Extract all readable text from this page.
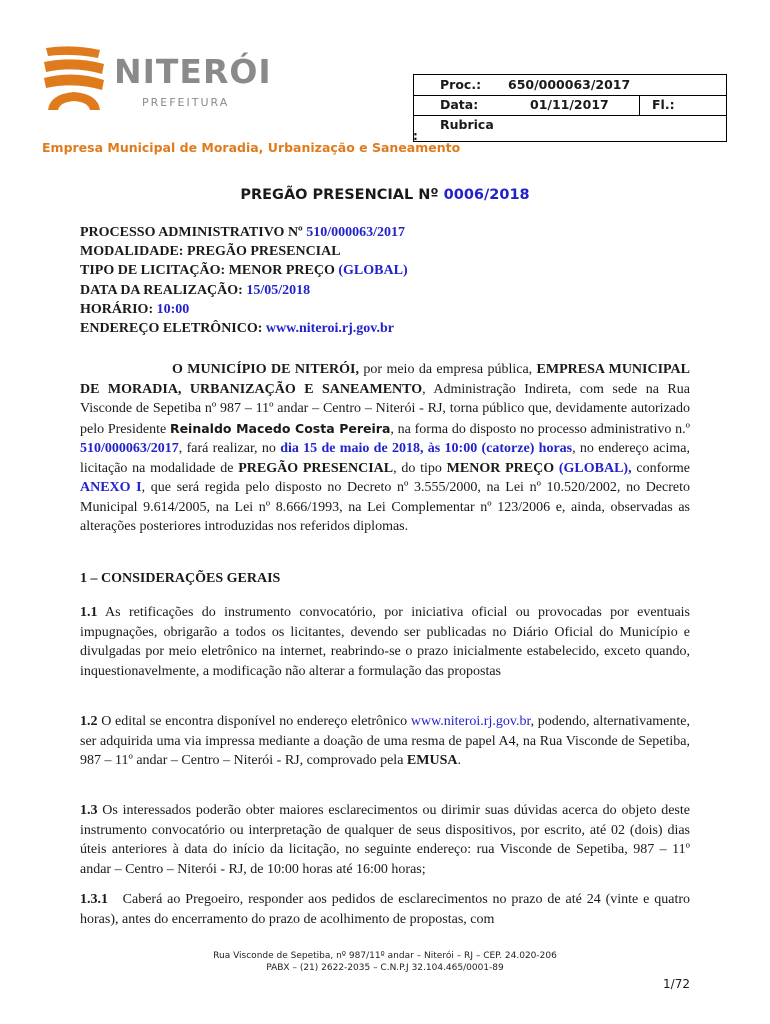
NITERÓI
PREFEITURA
Proc.: 650/000063/2017
Data:	01/11/2017	Fl.:
Rubrica
:
Empresa Municipal de Moradia, Urbanização e Saneamento
PREGÃO PRESENCIAL Nº 0006/2018
PROCESSO ADMINISTRATIVO Nº 510/000063/2017
MODALIDADE: PREGÃO PRESENCIAL
TIPO DE LICITAÇÃO: MENOR PREÇO (GLOBAL)
DATA DA REALIZAÇÃO: 15/05/2018
HORÁRIO: 10:00
ENDEREÇO ELETRÔNICO: www.niteroi.rj.gov.br
O MUNICÍPIO DE NITERÓI, por meio da empresa pública, EMPRESA MUNICIPAL DE MORADIA, URBANIZAÇÃO E SANEAMENTO, Administração Indireta, com sede na Rua Visconde de Sepetiba nº 987 – 11º andar – Centro – Niterói - RJ, torna público que, devidamente autorizado pelo Presidente Reinaldo Macedo Costa Pereira, na forma do disposto no processo administrativo n.º 510/000063/2017, fará realizar, no dia 15 de maio de 2018, às 10:00 (catorze) horas, no endereço acima, licitação na modalidade de PREGÃO PRESENCIAL, do tipo MENOR PREÇO (GLOBAL), conforme ANEXO I, que será regida pelo disposto no Decreto nº 3.555/2000, na Lei nº 10.520/2002, no Decreto Municipal 9.614/2005, na Lei nº 8.666/1993, na Lei Complementar nº 123/2006 e, ainda, observadas as alterações posteriores introduzidas nos referidos diplomas.
1 – CONSIDERAÇÕES GERAIS
1.1 As retificações do instrumento convocatório, por iniciativa oficial ou provocadas por eventuais impugnações, obrigarão a todos os licitantes, devendo ser publicadas no Diário Oficial do Município e divulgadas por meio eletrônico na internet, reabrindo-se o prazo inicialmente estabelecido, exceto quando, inquestionavelmente, a modificação não alterar a formulação das propostas
1.2 O edital se encontra disponível no endereço eletrônico www.niteroi.rj.gov.br, podendo, alternativamente, ser adquirida uma via impressa mediante a doação de uma resma de papel A4, na Rua Visconde de Sepetiba, 987 – 11º andar – Centro – Niterói - RJ, comprovado pela EMUSA.
1.3 Os interessados poderão obter maiores esclarecimentos ou dirimir suas dúvidas acerca do objeto deste instrumento convocatório ou interpretação de qualquer de seus dispositivos, por escrito, até 02 (dois) dias úteis anteriores à data do início da licitação, no seguinte endereço: rua Visconde de Sepetiba, 987 – 11º andar – Centro – Niterói - RJ, de 10:00 horas até 16:00 horas;
1.3.1   Caberá ao Pregoeiro, responder aos pedidos de esclarecimentos no prazo de até 24 (vinte e quatro horas), antes do encerramento do prazo de acolhimento de propostas, com
Rua Visconde de Sepetiba, nº 987/11º andar – Niterói – RJ – CEP. 24.020-206
PABX – (21) 2622-2035 – C.N.P.J 32.104.465/0001-89
1/72
